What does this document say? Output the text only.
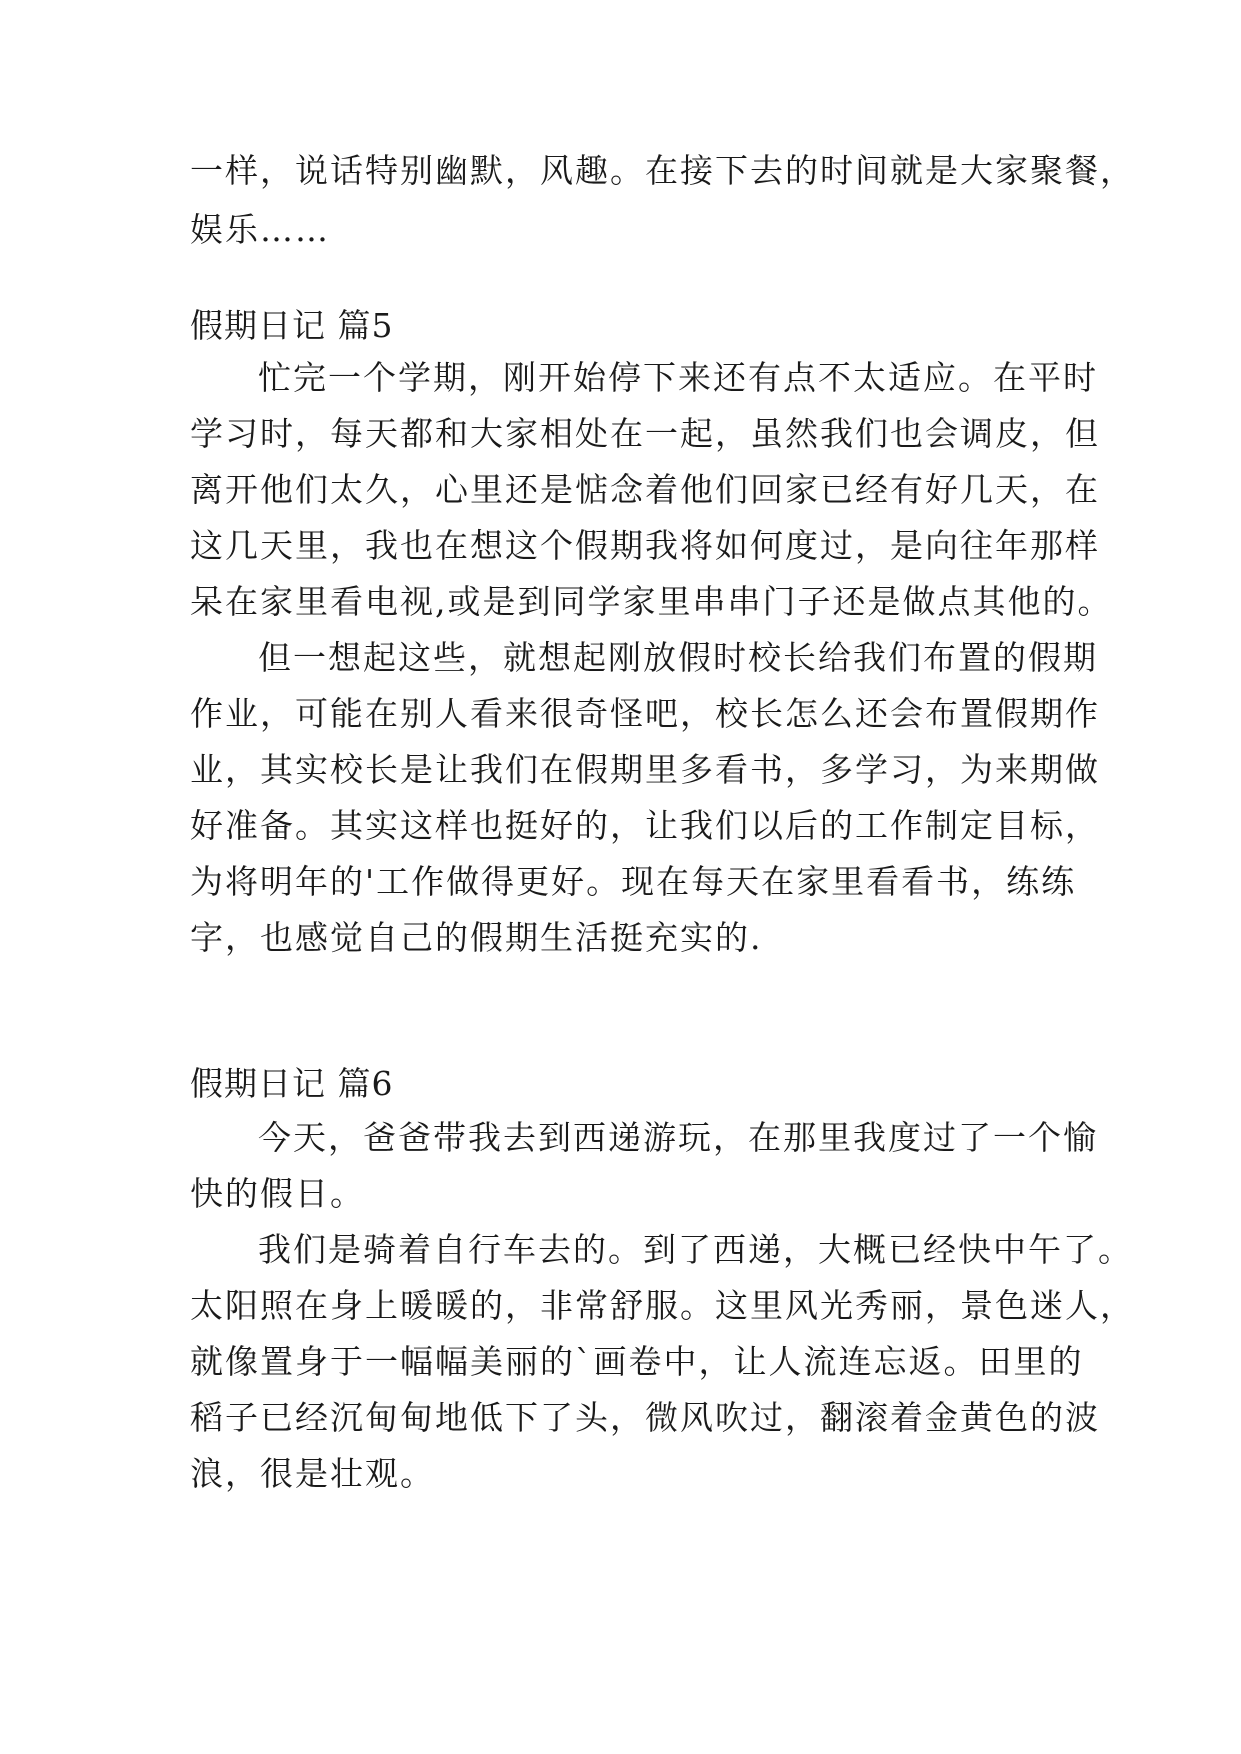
一样，说话特别幽默，风趣。在接下去的时间就是大家聚餐，
娱乐……
假期日记 篇5
忙完一个学期，刚开始停下来还有点不太适应。在平时
学习时，每天都和大家相处在一起，虽然我们也会调皮，但
离开他们太久，心里还是惦念着他们回家已经有好几天，在
这几天里，我也在想这个假期我将如何度过，是向往年那样
呆在家里看电视,或是到同学家里串串门子还是做点其他的。
但一想起这些，就想起刚放假时校长给我们布置的假期
作业，可能在别人看来很奇怪吧，校长怎么还会布置假期作
业，其实校长是让我们在假期里多看书，多学习，为来期做
好准备。其实这样也挺好的，让我们以后的工作制定目标，
为将明年的'工作做得更好。现在每天在家里看看书，练练
字，也感觉自己的假期生活挺充实的.
假期日记 篇6
今天，爸爸带我去到西递游玩，在那里我度过了一个愉
快的假日。
我们是骑着自行车去的。到了西递，大概已经快中午了。
太阳照在身上暖暖的，非常舒服。这里风光秀丽，景色迷人，
就像置身于一幅幅美丽的`画卷中，让人流连忘返。田里的
稻子已经沉甸甸地低下了头，微风吹过，翻滚着金黄色的波
浪，很是壮观。
